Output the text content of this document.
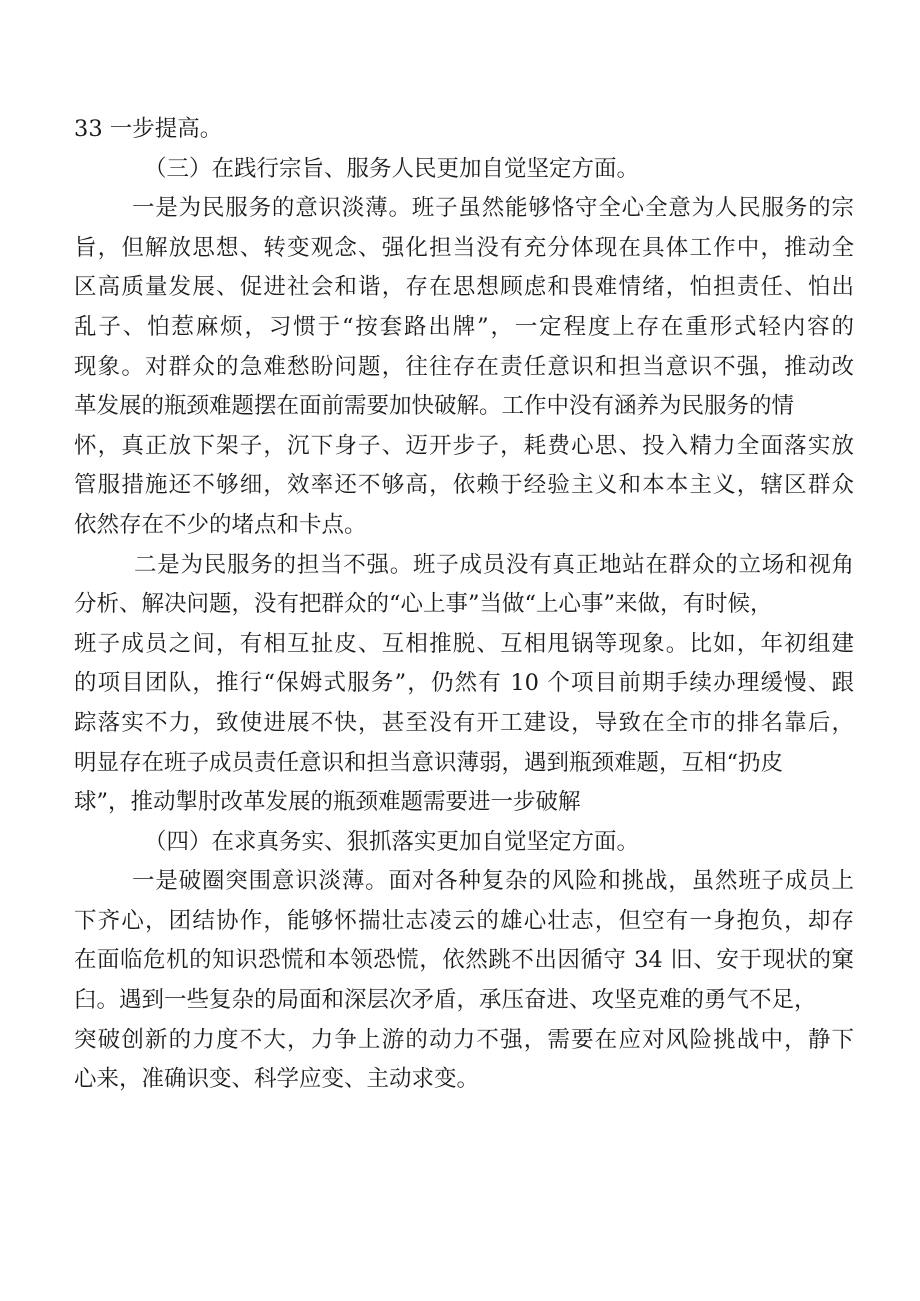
33 一步提高。
（三）在践行宗旨、服务人民更加自觉坚定方面。
一是为民服务的意识淡薄。班子虽然能够恪守全心全意为人民服务的宗
旨，但解放思想、转变观念、强化担当没有充分体现在具体工作中，推动全
区高质量发展、促进社会和谐，存在思想顾虑和畏难情绪，怕担责任、怕出
乱子、怕惹麻烦，习惯于“按套路出牌”，一定程度上存在重形式轻内容的
现象。对群众的急难愁盼问题，往往存在责任意识和担当意识不强，推动改
革发展的瓶颈难题摆在面前需要加快破解。工作中没有涵养为民服务的情
怀，真正放下架子，沉下身子、迈开步子，耗费心思、投入精力全面落实放
管服措施还不够细，效率还不够高，依赖于经验主义和本本主义，辖区群众
依然存在不少的堵点和卡点。
二是为民服务的担当不强。班子成员没有真正地站在群众的立场和视角
分析、解决问题，没有把群众的“心上事”当做“上心事”来做，有时候，
班子成员之间，有相互扯皮、互相推脱、互相甩锅等现象。比如，年初组建
的项目团队，推行“保姆式服务”，仍然有 10 个项目前期手续办理缓慢、跟
踪落实不力，致使进展不快，甚至没有开工建设，导致在全市的排名靠后，
明显存在班子成员责任意识和担当意识薄弱，遇到瓶颈难题，互相“扔皮
球”，推动掣肘改革发展的瓶颈难题需要进一步破解
（四）在求真务实、狠抓落实更加自觉坚定方面。
一是破圈突围意识淡薄。面对各种复杂的风险和挑战，虽然班子成员上
下齐心，团结协作，能够怀揣壮志凌云的雄心壮志，但空有一身抱负，却存
在面临危机的知识恐慌和本领恐慌，依然跳不出因循守 34 旧、安于现状的窠
臼。遇到一些复杂的局面和深层次矛盾，承压奋进、攻坚克难的勇气不足，
突破创新的力度不大，力争上游的动力不强，需要在应对风险挑战中，静下
心来，准确识变、科学应变、主动求变。
